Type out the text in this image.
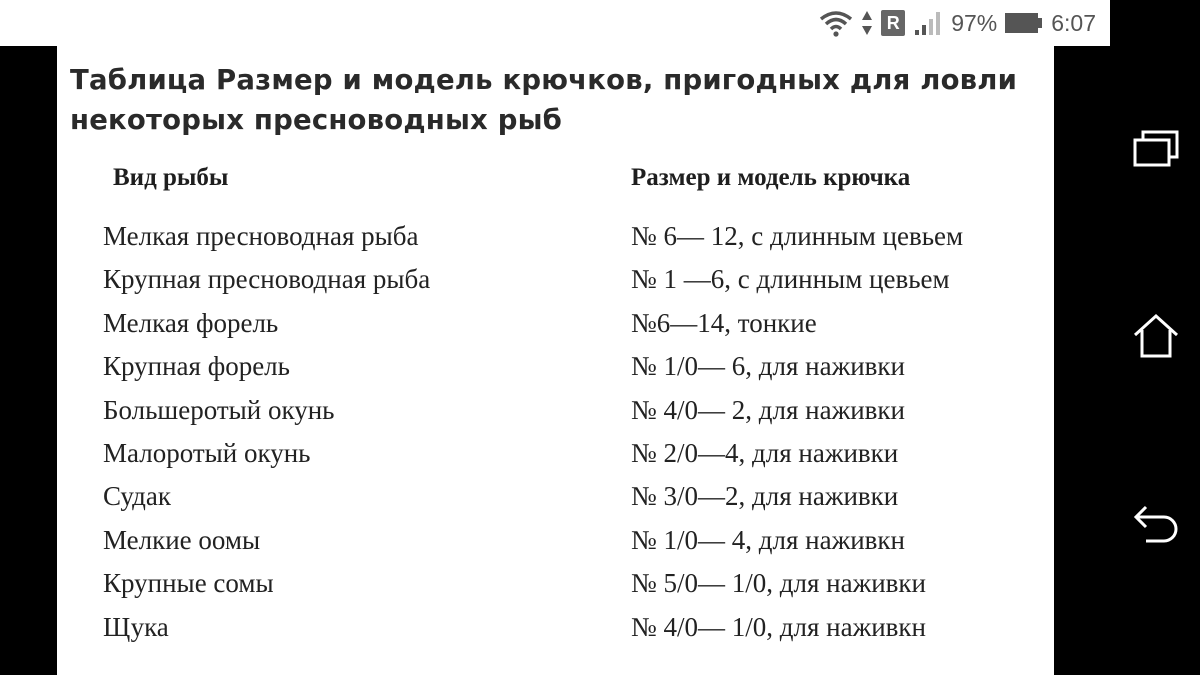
R 97% 6:07
Таблица Размер и модель крючков, пригодных для ловли некоторых пресноводных рыб
Вид рыбы	Размер и модель крючка
Мелкая пресноводная рыба	№ 6— 12, с длинным цевьем
Крупная пресноводная рыба	№ 1 —6, с длинным цевьем
Мелкая форель	№6—14, тонкие
Крупная форель	№ 1/0— 6, для наживки
Большеротый окунь	№ 4/0— 2, для наживки
Малоротый окунь	№ 2/0—4, для наживки
Судак	№ 3/0—2, для наживки
Мелкие оомы	№ 1/0— 4, для наживкн
Крупные сомы	№ 5/0— 1/0, для наживки
Щука	№ 4/0— 1/0, для наживкн
